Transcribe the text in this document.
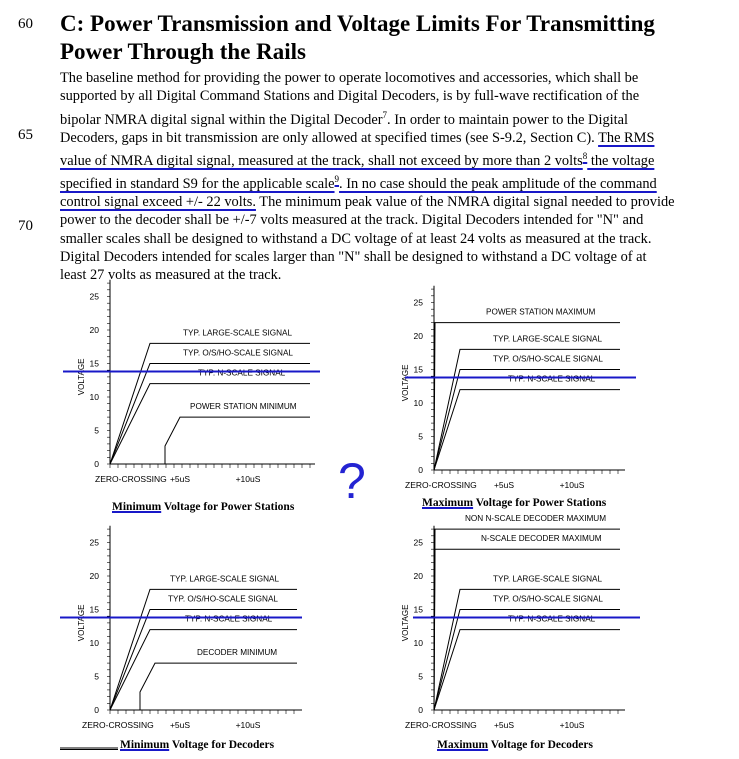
60
65
70
C: Power Transmission and Voltage Limits For Transmitting
Power Through the Rails
The baseline method for providing the power to operate locomotives and accessories, which shall be
supported by all Digital Command Stations and Digital Decoders, is by full-wave rectification of the
bipolar NMRA digital signal within the Digital Decoder$^7$. In order to maintain power to the Digital
Decoders, gaps in bit transmission are only allowed at specified times (see S-9.2, Section C). The RMS
value of NMRA digital signal, measured at the track, shall not exceed by more than 2 volts$^8$ the voltage
specified in standard S9 for the applicable scale$^9$. In no case should the peak amplitude of the command
control signal exceed +/- 22 volts. The minimum peak value of the NMRA digital signal needed to provide
power to the decoder shall be +/-7 volts measured at the track. Digital Decoders intended for "N" and
smaller scales shall be designed to withstand a DC voltage of at least 24 volts as measured at the track.
Digital Decoders intended for scales larger than "N" shall be designed to withstand a DC voltage of at
least 27 volts as measured at the track.
0
5
10
15
20
25
VOLTAGE
ZERO-CROSSING +5uS	+10uS
TYP. LARGE-SCALE SIGNAL
TYP. O/S/HO-SCALE SIGNAL
TYP. N-SCALE SIGNAL
POWER STATION MINIMUM
0
5
10
15
20
25
VOLTAGE
ZERO-CROSSING +5uS	+10uS
POWER STATION MAXIMUM
TYP. LARGE-SCALE SIGNAL
TYP. O/S/HO-SCALE SIGNAL
TYP. N-SCALE SIGNAL
0
5
10
15
20
25
VOLTAGE
ZERO-CROSSING +5uS	+10uS
TYP. LARGE-SCALE SIGNAL
TYP. O/S/HO-SCALE SIGNAL
TYP. N-SCALE SIGNAL
DECODER MINIMUM
0
5
10
15
20
25
VOLTAGE
ZERO-CROSSING +5uS	+10uS
NON N-SCALE DECODER MAXIMUM
N-SCALE DECODER MAXIMUM
TYP. LARGE-SCALE SIGNAL
TYP. O/S/HO-SCALE SIGNAL
TYP. N-SCALE SIGNAL
?
Minimum Voltage for Power Stations	Maximum Voltage for Power Stations
Minimum Voltage for Decoders	Maximum Voltage for Decoders
